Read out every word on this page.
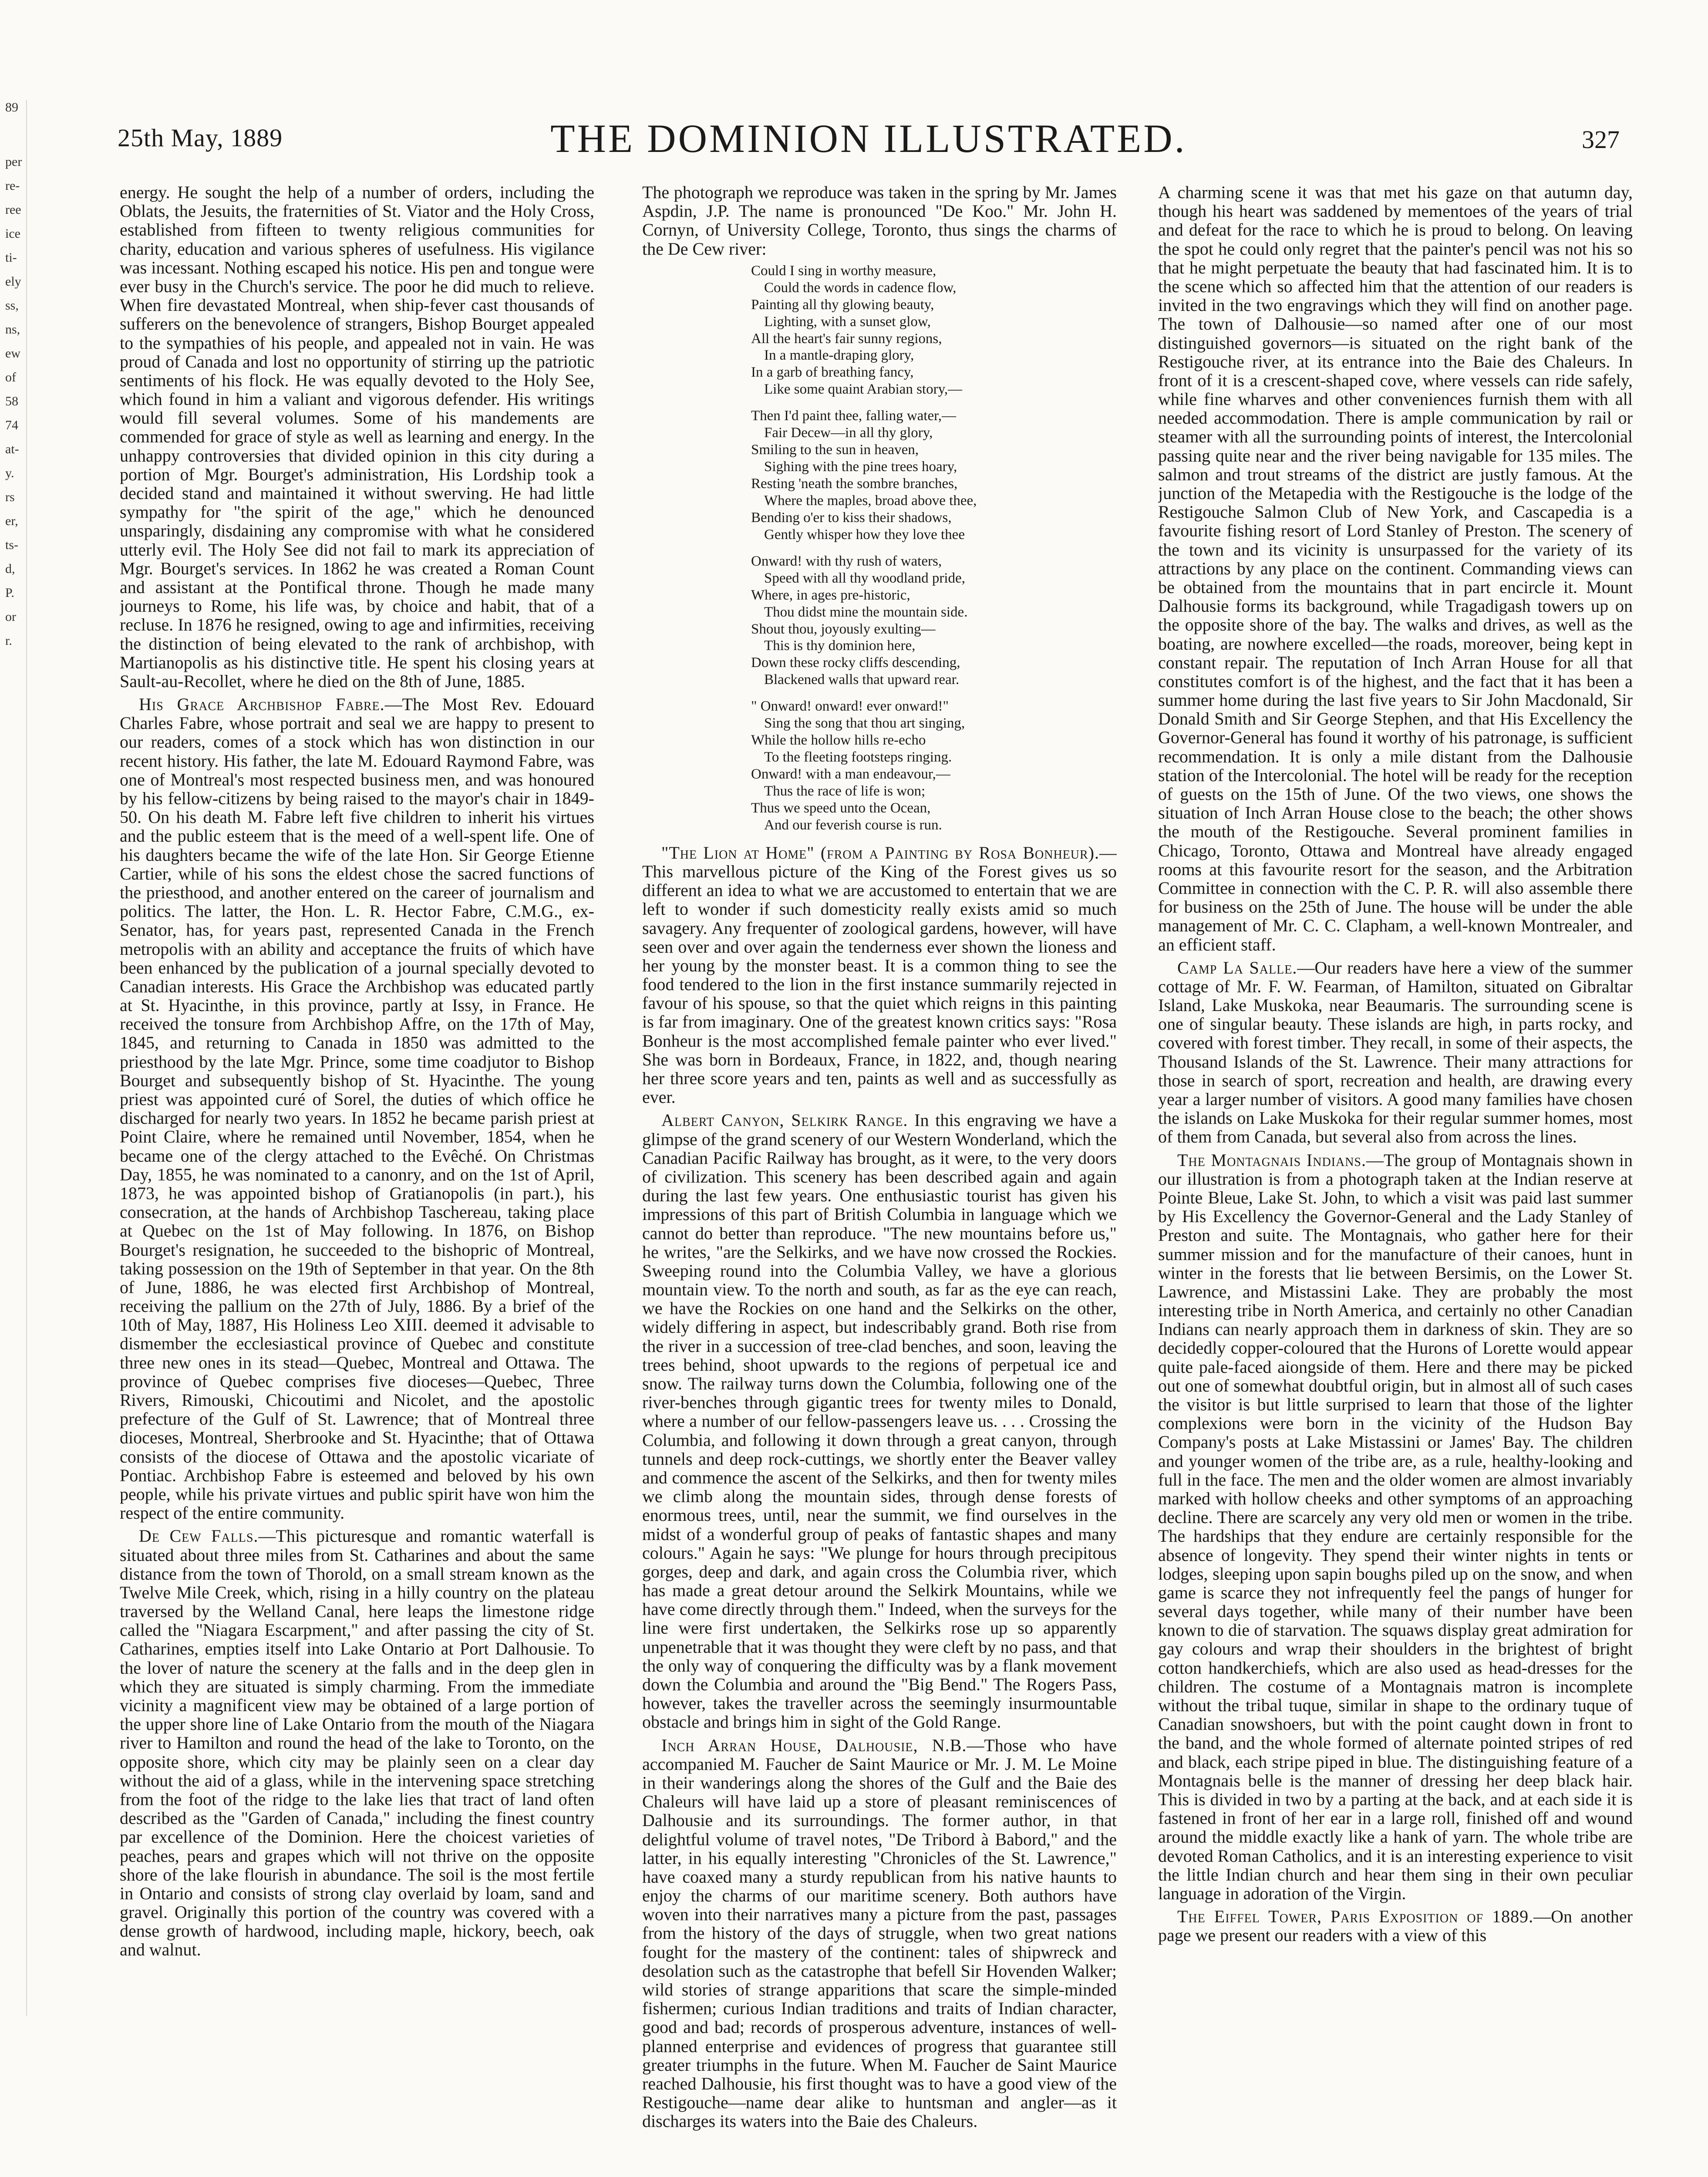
89
per
re-
ree
ice
ti-
ely
ss,
ns,
ew
of
58
74
at-
y.
rs
er,
ts-
d,
P.
or
r.
25th May, 1889	THE DOMINION ILLUSTRATED.	327

energy. He sought the help of a number of orders, including the Oblats, the Jesuits, the fraternities of St. Viator and the Holy Cross, established from fifteen to twenty religious communities for charity, education and various spheres of usefulness. His vigilance was incessant. Nothing escaped his notice. His pen and tongue were ever busy in the Church's service. The poor he did much to relieve. When fire devastated Montreal, when ship-fever cast thousands of sufferers on the benevolence of strangers, Bishop Bourget appealed to the sympathies of his people, and appealed not in vain. He was proud of Canada and lost no opportunity of stirring up the patriotic sentiments of his flock. He was equally devoted to the Holy See, which found in him a valiant and vigorous defender. His writings would fill several volumes. Some of his mandements are commended for grace of style as well as learning and energy. In the unhappy controversies that divided opinion in this city during a portion of Mgr. Bourget's administration, His Lordship took a decided stand and maintained it without swerving. He had little sympathy for "the spirit of the age," which he denounced unsparingly, disdaining any compromise with what he considered utterly evil. The Holy See did not fail to mark its appreciation of Mgr. Bourget's services. In 1862 he was created a Roman Count and assistant at the Pontifical throne. Though he made many journeys to Rome, his life was, by choice and habit, that of a recluse. In 1876 he resigned, owing to age and infirmities, receiving the distinction of being elevated to the rank of archbishop, with Martianopolis as his distinctive title. He spent his closing years at Sault-au-Recollet, where he died on the 8th of June, 1885.

His Grace Archbishop Fabre.—The Most Rev. Edouard Charles Fabre, whose portrait and seal we are happy to present to our readers, comes of a stock which has won distinction in our recent history. His father, the late M. Edouard Raymond Fabre, was one of Montreal's most respected business men, and was honoured by his fellow-citizens by being raised to the mayor's chair in 1849-50. On his death M. Fabre left five children to inherit his virtues and the public esteem that is the meed of a well-spent life. One of his daughters became the wife of the late Hon. Sir George Etienne Cartier, while of his sons the eldest chose the sacred functions of the priesthood, and another entered on the career of journalism and politics. The latter, the Hon. L. R. Hector Fabre, C.M.G., ex-Senator, has, for years past, represented Canada in the French metropolis with an ability and acceptance the fruits of which have been enhanced by the publication of a journal specially devoted to Canadian interests. His Grace the Archbishop was educated partly at St. Hyacinthe, in this province, partly at Issy, in France. He received the tonsure from Archbishop Affre, on the 17th of May, 1845, and returning to Canada in 1850 was admitted to the priesthood by the late Mgr. Prince, some time coadjutor to Bishop Bourget and subsequently bishop of St. Hyacinthe. The young priest was appointed curé of Sorel, the duties of which office he discharged for nearly two years. In 1852 he became parish priest at Point Claire, where he remained until November, 1854, when he became one of the clergy attached to the Evêché. On Christmas Day, 1855, he was nominated to a canonry, and on the 1st of April, 1873, he was appointed bishop of Gratianopolis (in part.), his consecration, at the hands of Archbishop Taschereau, taking place at Quebec on the 1st of May following. In 1876, on Bishop Bourget's resignation, he succeeded to the bishopric of Montreal, taking possession on the 19th of September in that year. On the 8th of June, 1886, he was elected first Archbishop of Montreal, receiving the pallium on the 27th of July, 1886. By a brief of the 10th of May, 1887, His Holiness Leo XIII. deemed it advisable to dismember the ecclesiastical province of Quebec and constitute three new ones in its stead—Quebec, Montreal and Ottawa. The province of Quebec comprises five dioceses—Quebec, Three Rivers, Rimouski, Chicoutimi and Nicolet, and the apostolic prefecture of the Gulf of St. Lawrence; that of Montreal three dioceses, Montreal, Sherbrooke and St. Hyacinthe; that of Ottawa consists of the diocese of Ottawa and the apostolic vicariate of Pontiac. Archbishop Fabre is esteemed and beloved by his own people, while his private virtues and public spirit have won him the respect of the entire community.

De Cew Falls.—This picturesque and romantic waterfall is situated about three miles from St. Catharines and about the same distance from the town of Thorold, on a small stream known as the Twelve Mile Creek, which, rising in a hilly country on the plateau traversed by the Welland Canal, here leaps the limestone ridge called the "Niagara Escarpment," and after passing the city of St. Catharines, empties itself into Lake Ontario at Port Dalhousie. To the lover of nature the scenery at the falls and in the deep glen in which they are situated is simply charming. From the immediate vicinity a magnificent view may be obtained of a large portion of the upper shore line of Lake Ontario from the mouth of the Niagara river to Hamilton and round the head of the lake to Toronto, on the opposite shore, which city may be plainly seen on a clear day without the aid of a glass, while in the intervening space stretching from the foot of the ridge to the lake lies that tract of land often described as the "Garden of Canada," including the finest country par excellence of the Dominion. Here the choicest varieties of peaches, pears and grapes which will not thrive on the opposite shore of the lake flourish in abundance. The soil is the most fertile in Ontario and consists of strong clay overlaid by loam, sand and gravel. Originally this portion of the country was covered with a dense growth of hardwood, including maple, hickory, beech, oak and walnut.

The photograph we reproduce was taken in the spring by Mr. James Aspdin, J.P. The name is pronounced "De Koo." Mr. John H. Cornyn, of University College, Toronto, thus sings the charms of the De Cew river:

Could I sing in worthy measure,
Could the words in cadence flow,
Painting all thy glowing beauty,
Lighting, with a sunset glow,
All the heart's fair sunny regions,
In a mantle-draping glory,
In a garb of breathing fancy,
Like some quaint Arabian story,—
Then I'd paint thee, falling water,—
Fair Decew—in all thy glory,
Smiling to the sun in heaven,
Sighing with the pine trees hoary,
Resting 'neath the sombre branches,
Where the maples, broad above thee,
Bending o'er to kiss their shadows,
Gently whisper how they love thee
Onward! with thy rush of waters,
Speed with all thy woodland pride,
Where, in ages pre-historic,
Thou didst mine the mountain side.
Shout thou, joyously exulting—
This is thy dominion here,
Down these rocky cliffs descending,
Blackened walls that upward rear.
" Onward! onward! ever onward!"
Sing the song that thou art singing,
While the hollow hills re-echo
To the fleeting footsteps ringing.
Onward! with a man endeavour,—
Thus the race of life is won;
Thus we speed unto the Ocean,
And our feverish course is run.

"The Lion at Home" (from a Painting by Rosa Bonheur).—This marvellous picture of the King of the Forest gives us so different an idea to what we are accustomed to entertain that we are left to wonder if such domesticity really exists amid so much savagery. Any frequenter of zoological gardens, however, will have seen over and over again the tenderness ever shown the lioness and her young by the monster beast. It is a common thing to see the food tendered to the lion in the first instance summarily rejected in favour of his spouse, so that the quiet which reigns in this painting is far from imaginary. One of the greatest known critics says: "Rosa Bonheur is the most accomplished female painter who ever lived." She was born in Bordeaux, France, in 1822, and, though nearing her three score years and ten, paints as well and as successfully as ever.

Albert Canyon, Selkirk Range. In this engraving we have a glimpse of the grand scenery of our Western Wonderland, which the Canadian Pacific Railway has brought, as it were, to the very doors of civilization. This scenery has been described again and again during the last few years. One enthusiastic tourist has given his impressions of this part of British Columbia in language which we cannot do better than reproduce. "The new mountains before us," he writes, "are the Selkirks, and we have now crossed the Rockies. Sweeping round into the Columbia Valley, we have a glorious mountain view. To the north and south, as far as the eye can reach, we have the Rockies on one hand and the Selkirks on the other, widely differing in aspect, but indescribably grand. Both rise from the river in a succession of tree-clad benches, and soon, leaving the trees behind, shoot upwards to the regions of perpetual ice and snow. The railway turns down the Columbia, following one of the river-benches through gigantic trees for twenty miles to Donald, where a number of our fellow-passengers leave us. . . . Crossing the Columbia, and following it down through a great canyon, through tunnels and deep rock-cuttings, we shortly enter the Beaver valley and commence the ascent of the Selkirks, and then for twenty miles we climb along the mountain sides, through dense forests of enormous trees, until, near the summit, we find ourselves in the midst of a wonderful group of peaks of fantastic shapes and many colours." Again he says: "We plunge for hours through precipitous gorges, deep and dark, and again cross the Columbia river, which has made a great detour around the Selkirk Mountains, while we have come directly through them." Indeed, when the surveys for the line were first undertaken, the Selkirks rose up so apparently unpenetrable that it was thought they were cleft by no pass, and that the only way of conquering the difficulty was by a flank movement down the Columbia and around the "Big Bend." The Rogers Pass, however, takes the traveller across the seemingly insurmountable obstacle and brings him in sight of the Gold Range.

Inch Arran House, Dalhousie, N.B.—Those who have accompanied M. Faucher de Saint Maurice or Mr. J. M. Le Moine in their wanderings along the shores of the Gulf and the Baie des Chaleurs will have laid up a store of pleasant reminiscences of Dalhousie and its surroundings. The former author, in that delightful volume of travel notes, "De Tribord à Babord," and the latter, in his equally interesting "Chronicles of the St. Lawrence," have coaxed many a sturdy republican from his native haunts to enjoy the charms of our maritime scenery. Both authors have woven into their narratives many a picture from the past, passages from the history of the days of struggle, when two great nations fought for the mastery of the continent: tales of shipwreck and desolation such as the catastrophe that befell Sir Hovenden Walker; wild stories of strange apparitions that scare the simple-minded fishermen; curious Indian traditions and traits of Indian character, good and bad; records of prosperous adventure, instances of well-planned enterprise and evidences of progress that guarantee still greater triumphs in the future. When M. Faucher de Saint Maurice reached Dalhousie, his first thought was to have a good view of the Restigouche—name dear alike to huntsman and angler—as it discharges its waters into the Baie des Chaleurs.

A charming scene it was that met his gaze on that autumn day, though his heart was saddened by mementoes of the years of trial and defeat for the race to which he is proud to belong. On leaving the spot he could only regret that the painter's pencil was not his so that he might perpetuate the beauty that had fascinated him. It is to the scene which so affected him that the attention of our readers is invited in the two engravings which they will find on another page. The town of Dalhousie—so named after one of our most distinguished governors—is situated on the right bank of the Restigouche river, at its entrance into the Baie des Chaleurs. In front of it is a crescent-shaped cove, where vessels can ride safely, while fine wharves and other conveniences furnish them with all needed accommodation. There is ample communication by rail or steamer with all the surrounding points of interest, the Intercolonial passing quite near and the river being navigable for 135 miles. The salmon and trout streams of the district are justly famous. At the junction of the Metapedia with the Restigouche is the lodge of the Restigouche Salmon Club of New York, and Cascapedia is a favourite fishing resort of Lord Stanley of Preston. The scenery of the town and its vicinity is unsurpassed for the variety of its attractions by any place on the continent. Commanding views can be obtained from the mountains that in part encircle it. Mount Dalhousie forms its background, while Tragadigash towers up on the opposite shore of the bay. The walks and drives, as well as the boating, are nowhere excelled—the roads, moreover, being kept in constant repair. The reputation of Inch Arran House for all that constitutes comfort is of the highest, and the fact that it has been a summer home during the last five years to Sir John Macdonald, Sir Donald Smith and Sir George Stephen, and that His Excellency the Governor-General has found it worthy of his patronage, is sufficient recommendation. It is only a mile distant from the Dalhousie station of the Intercolonial. The hotel will be ready for the reception of guests on the 15th of June. Of the two views, one shows the situation of Inch Arran House close to the beach; the other shows the mouth of the Restigouche. Several prominent families in Chicago, Toronto, Ottawa and Montreal have already engaged rooms at this favourite resort for the season, and the Arbitration Committee in connection with the C. P. R. will also assemble there for business on the 25th of June. The house will be under the able management of Mr. C. C. Clapham, a well-known Montrealer, and an efficient staff.

Camp La Salle.—Our readers have here a view of the summer cottage of Mr. F. W. Fearman, of Hamilton, situated on Gibraltar Island, Lake Muskoka, near Beaumaris. The surrounding scene is one of singular beauty. These islands are high, in parts rocky, and covered with forest timber. They recall, in some of their aspects, the Thousand Islands of the St. Lawrence. Their many attractions for those in search of sport, recreation and health, are drawing every year a larger number of visitors. A good many families have chosen the islands on Lake Muskoka for their regular summer homes, most of them from Canada, but several also from across the lines.

The Montagnais Indians.—The group of Montagnais shown in our illustration is from a photograph taken at the Indian reserve at Pointe Bleue, Lake St. John, to which a visit was paid last summer by His Excellency the Governor-General and the Lady Stanley of Preston and suite. The Montagnais, who gather here for their summer mission and for the manufacture of their canoes, hunt in winter in the forests that lie between Bersimis, on the Lower St. Lawrence, and Mistassini Lake. They are probably the most interesting tribe in North America, and certainly no other Canadian Indians can nearly approach them in darkness of skin. They are so decidedly copper-coloured that the Hurons of Lorette would appear quite pale-faced aiongside of them. Here and there may be picked out one of somewhat doubtful origin, but in almost all of such cases the visitor is but little surprised to learn that those of the lighter complexions were born in the vicinity of the Hudson Bay Company's posts at Lake Mistassini or James' Bay. The children and younger women of the tribe are, as a rule, healthy-looking and full in the face. The men and the older women are almost invariably marked with hollow cheeks and other symptoms of an approaching decline. There are scarcely any very old men or women in the tribe. The hardships that they endure are certainly responsible for the absence of longevity. They spend their winter nights in tents or lodges, sleeping upon sapin boughs piled up on the snow, and when game is scarce they not infrequently feel the pangs of hunger for several days together, while many of their number have been known to die of starvation. The squaws display great admiration for gay colours and wrap their shoulders in the brightest of bright cotton handkerchiefs, which are also used as head-dresses for the children. The costume of a Montagnais matron is incomplete without the tribal tuque, similar in shape to the ordinary tuque of Canadian snowshoers, but with the point caught down in front to the band, and the whole formed of alternate pointed stripes of red and black, each stripe piped in blue. The distinguishing feature of a Montagnais belle is the manner of dressing her deep black hair. This is divided in two by a parting at the back, and at each side it is fastened in front of her ear in a large roll, finished off and wound around the middle exactly like a hank of yarn. The whole tribe are devoted Roman Catholics, and it is an interesting experience to visit the little Indian church and hear them sing in their own peculiar language in adoration of the Virgin.

The Eiffel Tower, Paris Exposition of 1889.—On another page we present our readers with a view of this
